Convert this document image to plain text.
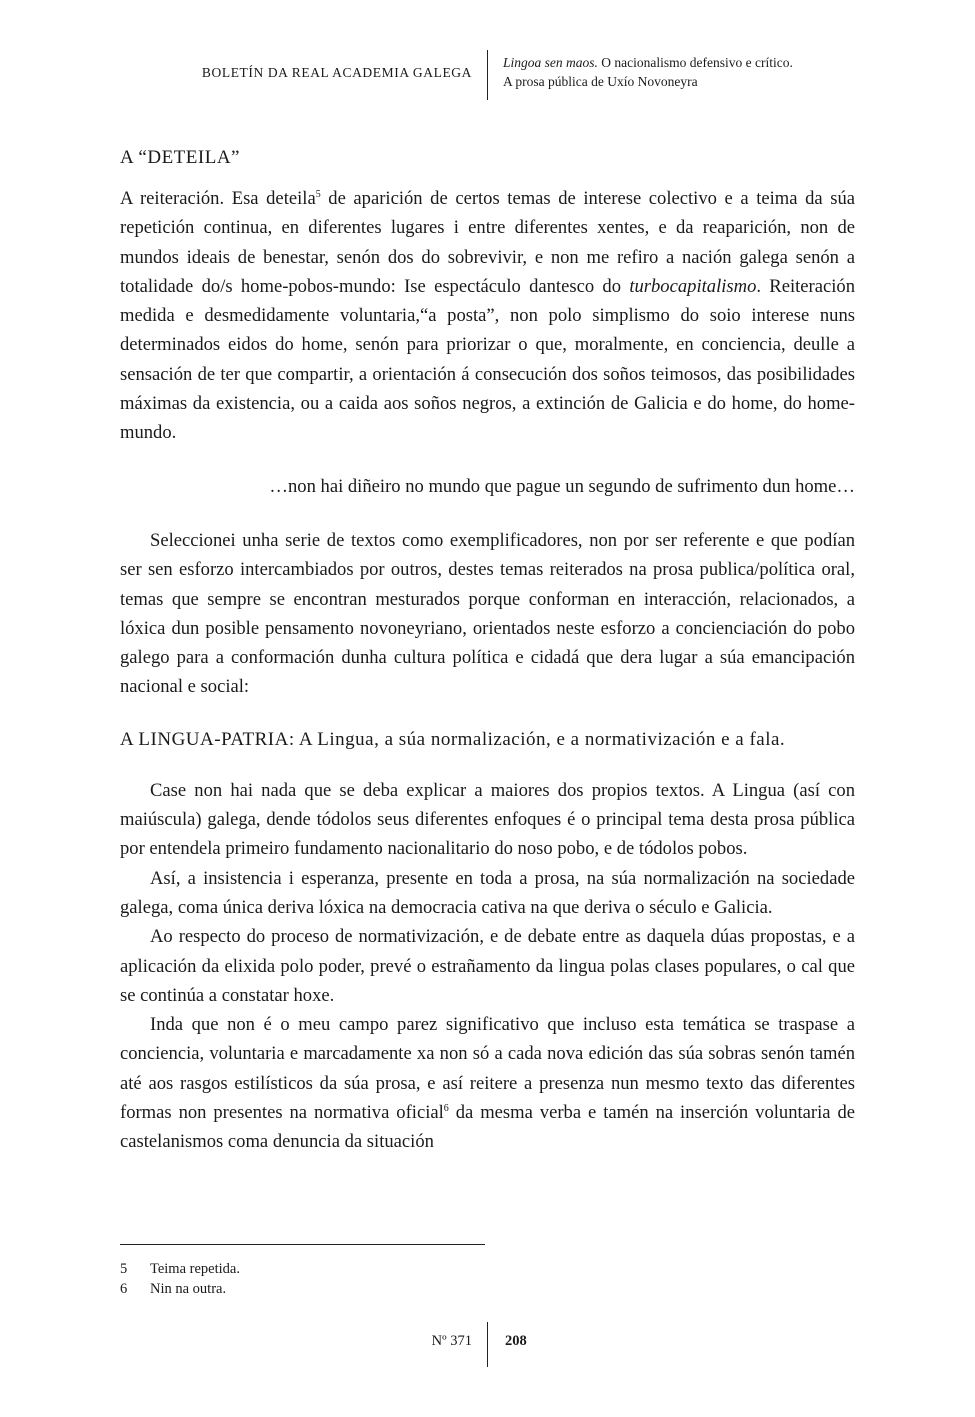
BOLETÍN DA REAL ACADEMIA GALEGA
Lingoa sen maos. O nacionalismo defensivo e crítico.
A prosa pública de Uxío Novoneyra
A “DETEILA”

A reiteración. Esa deteila$^5$ de aparición de certos temas de interese colectivo e a teima da súa repetición continua, en diferentes lugares i entre diferentes xentes, e da reaparición, non de mundos ideais de benestar, senón dos do sobrevivir, e non me refiro a nación galega senón a totalidade do/s home-pobos-mundo: Ise espectáculo dantesco do turbocapitalismo. Reiteración medida e desmedidamente voluntaria,“a posta”, non polo simplismo do soio interese nuns determinados eidos do home, senón para priorizar o que, moralmente, en conciencia, deulle a sensación de ter que compartir, a orientación á consecución dos soños teimosos, das posibilidades máximas da existencia, ou a caida aos soños negros, a extinción de Galicia e do home, do home-mundo.

…non hai diñeiro no mundo que pague un segundo de sufrimento dun home…

Seleccionei unha serie de textos como exemplificadores, non por ser referente e que podían ser sen esforzo intercambiados por outros, destes temas reiterados na prosa publica/política oral, temas que sempre se encontran mesturados porque conforman en interacción, relacionados, a lóxica dun posible pensamento novoneyriano, orientados neste esforzo a concienciación do pobo galego para a conformación dunha cultura política e cidadá que dera lugar a súa emancipación nacional e social:

A LINGUA-PATRIA: A Lingua, a súa normalización, e a normativización e a fala.

Case non hai nada que se deba explicar a maiores dos propios textos. A Lingua (así con maiúscula) galega, dende tódolos seus diferentes enfoques é o principal tema desta prosa pública por entendela primeiro fundamento nacionalitario do noso pobo, e de tódolos pobos.

Así, a insistencia i esperanza, presente en toda a prosa, na súa normalización na sociedade galega, coma única deriva lóxica na democracia cativa na que deriva o século e Galicia.

Ao respecto do proceso de normativización, e de debate entre as daquela dúas propostas, e a aplicación da elixida polo poder, prevé o estrañamento da lingua polas clases populares, o cal que se continúa a constatar hoxe.

Inda que non é o meu campo parez significativo que incluso esta temática se traspase a conciencia, voluntaria e marcadamente xa non só a cada nova edición das súa sobras senón tamén até aos rasgos estilísticos da súa prosa, e así reitere a presenza nun mesmo texto das diferentes formas non presentes na normativa oficial$^6$ da mesma verba e tamén na inserción voluntaria de castelanismos coma denuncia da situación

5	Teima repetida.
6	Nin na outra.
Nº 371 208
